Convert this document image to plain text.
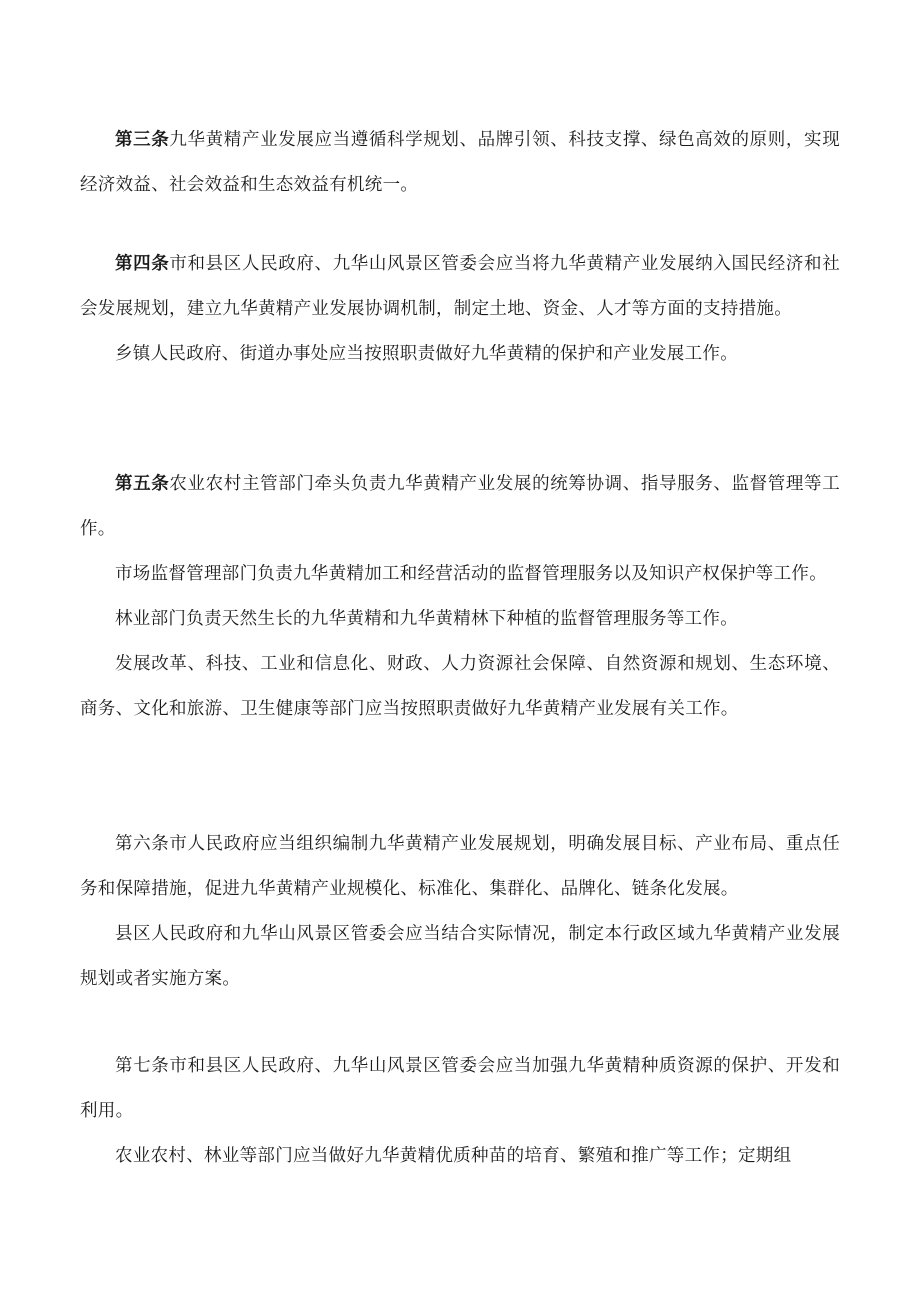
第三条九华黄精产业发展应当遵循科学规划、品牌引领、科技支撑、绿色高效的原则，实现经济效益、社会效益和生态效益有机统一。

第四条市和县区人民政府、九华山风景区管委会应当将九华黄精产业发展纳入国民经济和社会发展规划，建立九华黄精产业发展协调机制，制定土地、资金、人才等方面的支持措施。

乡镇人民政府、街道办事处应当按照职责做好九华黄精的保护和产业发展工作。

第五条农业农村主管部门牵头负责九华黄精产业发展的统筹协调、指导服务、监督管理等工作。

市场监督管理部门负责九华黄精加工和经营活动的监督管理服务以及知识产权保护等工作。

林业部门负责天然生长的九华黄精和九华黄精林下种植的监督管理服务等工作。

发展改革、科技、工业和信息化、财政、人力资源社会保障、自然资源和规划、生态环境、商务、文化和旅游、卫生健康等部门应当按照职责做好九华黄精产业发展有关工作。

第六条市人民政府应当组织编制九华黄精产业发展规划，明确发展目标、产业布局、重点任务和保障措施，促进九华黄精产业规模化、标准化、集群化、品牌化、链条化发展。

县区人民政府和九华山风景区管委会应当结合实际情况，制定本行政区域九华黄精产业发展规划或者实施方案。

第七条市和县区人民政府、九华山风景区管委会应当加强九华黄精种质资源的保护、开发和利用。

农业农村、林业等部门应当做好九华黄精优质种苗的培育、繁殖和推广等工作；定期组
